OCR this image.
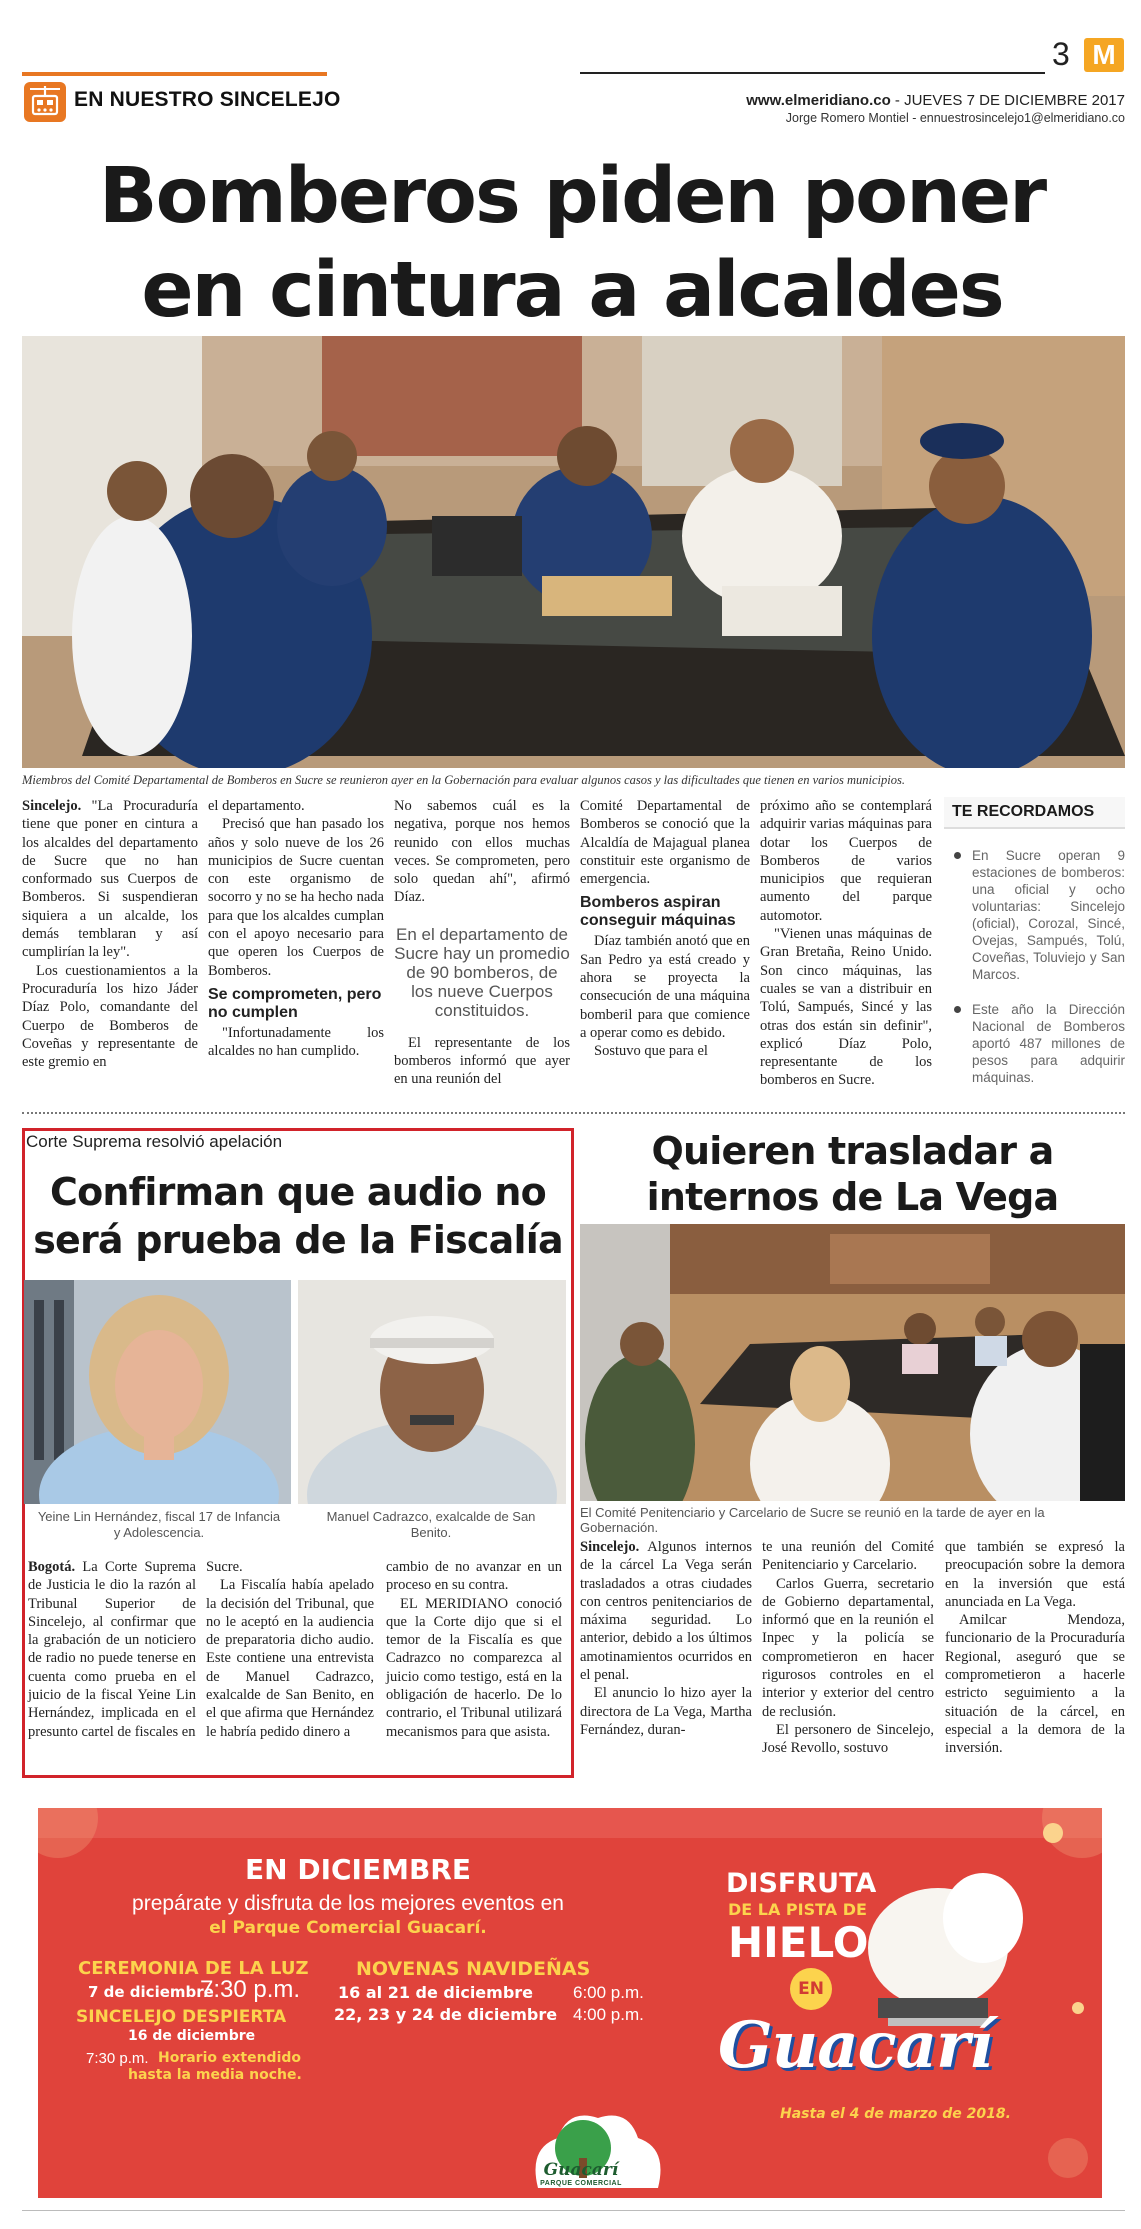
EN NUESTRO SINCELEJO
3 M
www.elmeridiano.co - JUEVES 7 DE DICIEMBRE 2017
Jorge Romero Montiel - ennuestrosincelejo1@elmeridiano.co
Bomberos piden poner
en cintura a alcaldes
Miembros del Comité Departamental de Bomberos en Sucre se reunieron ayer en la Gobernación para evaluar algunos casos y las dificultades que tienen en varios municipios.

Sincelejo. "La Procuraduría tiene que poner en cintura a los alcaldes del departamento de Sucre que no han conformado sus Cuerpos de Bomberos. Si suspendieran siquiera a un alcalde, los demás temblaran y así cumplirían la ley".

Los cuestionamientos a la Procuraduría los hizo Jáder Díaz Polo, comandante del Cuerpo de Bomberos de Coveñas y representante de este gremio en

el departamento.

Precisó que han pasado los años y solo nueve de los 26 municipios de Sucre cuentan con este organismo de socorro y no se ha hecho nada para que los alcaldes cumplan con el apoyo necesario para que operen los Cuerpos de Bomberos.

Se comprometen, pero no cumplen

"Infortunadamente los alcaldes no han cumplido.

No sabemos cuál es la negativa, porque nos hemos reunido con ellos muchas veces. Se comprometen, pero solo quedan ahí", afirmó Díaz.

En el departamento de Sucre hay un promedio de 90 bomberos, de los nueve Cuerpos constituidos.

El representante de los bomberos informó que ayer en una reunión del

Comité Departamental de Bomberos se conoció que la Alcaldía de Majagual planea constituir este organismo de emergencia.

Bomberos aspiran conseguir máquinas

Díaz también anotó que en San Pedro ya está creado y ahora se proyecta la consecución de una máquina bomberil para que comience a operar como es debido.

Sostuvo que para el

próximo año se contemplará adquirir varias máquinas para dotar los Cuerpos de Bomberos de varios municipios que requieran aumento del parque automotor.

"Vienen unas máquinas de Gran Bretaña, Reino Unido. Son cinco máquinas, las cuales se van a distribuir en Tolú, Sampués, Sincé y las otras dos están sin definir", explicó Díaz Polo, representante de los bomberos en Sucre.

TE RECORDAMOS
En Sucre operan 9 estaciones de bomberos: una oficial y ocho voluntarias: Sincelejo (oficial), Corozal, Sincé, Ovejas, Sampués, Tolú, Coveñas, Toluviejo y San Marcos.
Este año la Dirección Nacional de Bomberos aportó 487 millones de pesos para adquirir máquinas.
Corte Suprema resolvió apelación
Confirman que audio no
será prueba de la Fiscalía
Yeine Lin Hernández, fiscal 17 de Infancia y Adolescencia.
Manuel Cadrazco, exalcalde de San Benito.

Bogotá. La Corte Suprema de Justicia le dio la razón al Tribunal Superior de Sincelejo, al confirmar que la grabación de un noticiero de radio no puede tenerse en cuenta como prueba en el juicio de la fiscal Yeine Lin Hernández, implicada en el presunto cartel de fiscales en

Sucre.

La Fiscalía había apelado la decisión del Tribunal, que no le aceptó en la audiencia de preparatoria dicho audio. Este contiene una entrevista de Manuel Cadrazco, exalcalde de San Benito, en el que afirma que Hernández le habría pedido dinero a

cambio de no avanzar en un proceso en su contra.

EL MERIDIANO conoció que la Corte dijo que si el temor de la Fiscalía es que Cadrazco no comparezca al juicio como testigo, está en la obligación de hacerlo. De lo contrario, el Tribunal utilizará mecanismos para que asista.

Quieren trasladar a
internos de La Vega
El Comité Penitenciario y Carcelario de Sucre se reunió en la tarde de ayer en la Gobernación.

Sincelejo. Algunos internos de la cárcel La Vega serán trasladados a otras ciudades con centros penitenciarios de máxima seguridad. Lo anterior, debido a los últimos amotinamientos ocurridos en el penal.

El anuncio lo hizo ayer la directora de La Vega, Martha Fernández, duran-

te una reunión del Comité Penitenciario y Carcelario.

Carlos Guerra, secretario de Gobierno departamental, informó que en la reunión el Inpec y la policía se comprometieron en hacer rigurosos controles en el interior y exterior del centro de reclusión.

El personero de Sincelejo, José Revollo, sostuvo

que también se expresó la preocupación sobre la demora en la inversión que está anunciada en La Vega.

Amilcar Mendoza, funcionario de la Procuraduría Regional, aseguró que se comprometieron a hacerle estricto seguimiento a la situación de la cárcel, en especial a la demora de la inversión.

EN DICIEMBRE
prepárate y disfruta de los mejores eventos en
el Parque Comercial Guacarí.
CEREMONIA DE LA LUZ
7 de diciembre
7:30 p.m.
SINCELEJO DESPIERTA
16 de diciembre
7:30 p.m. Horario extendido
hasta la media noche.
NOVENAS NAVIDEÑAS
16 al 21 de diciembre 6:00 p.m.
22, 23 y 24 de diciembre 4:00 p.m.
DISFRUTA
DE LA PISTA DE
HIELO
EN
Guacarí
Hasta el 4 de marzo de 2018.
Guacarí
PARQUE COMERCIAL
